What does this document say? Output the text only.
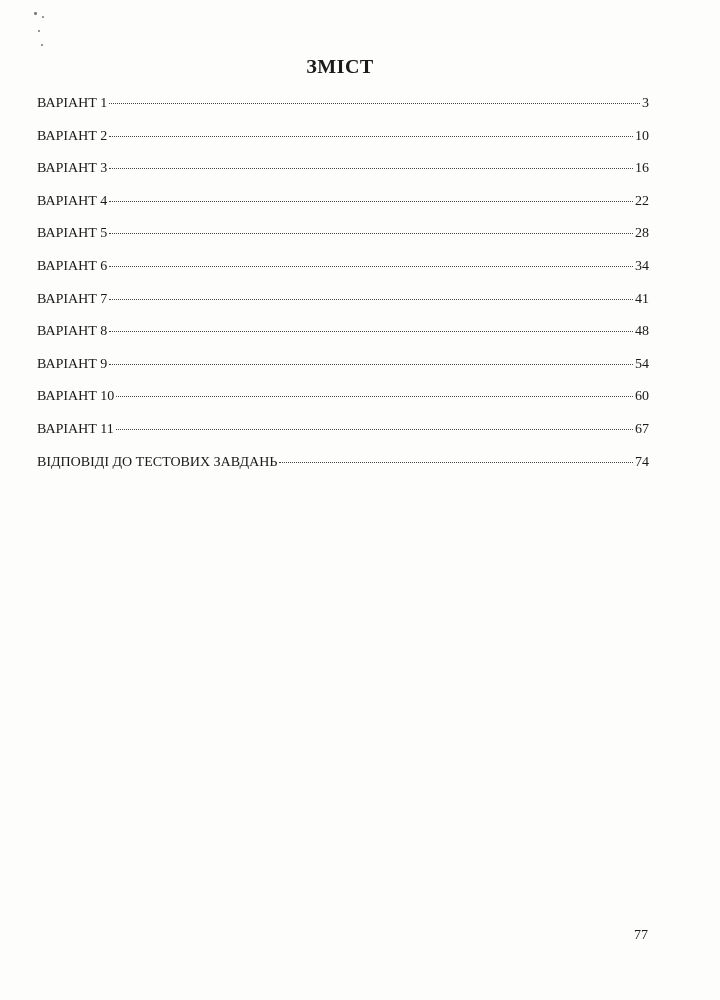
ЗМІСТ
ВАРІАНТ 1	3
ВАРІАНТ 2	10
ВАРІАНТ 3	16
ВАРІАНТ 4	22
ВАРІАНТ 5	28
ВАРІАНТ 6	34
ВАРІАНТ 7	41
ВАРІАНТ 8	48
ВАРІАНТ 9	54
ВАРІАНТ 10	60
ВАРІАНТ 11	67
ВІДПОВІДІ ДО ТЕСТОВИХ ЗАВДАНЬ	74
77
